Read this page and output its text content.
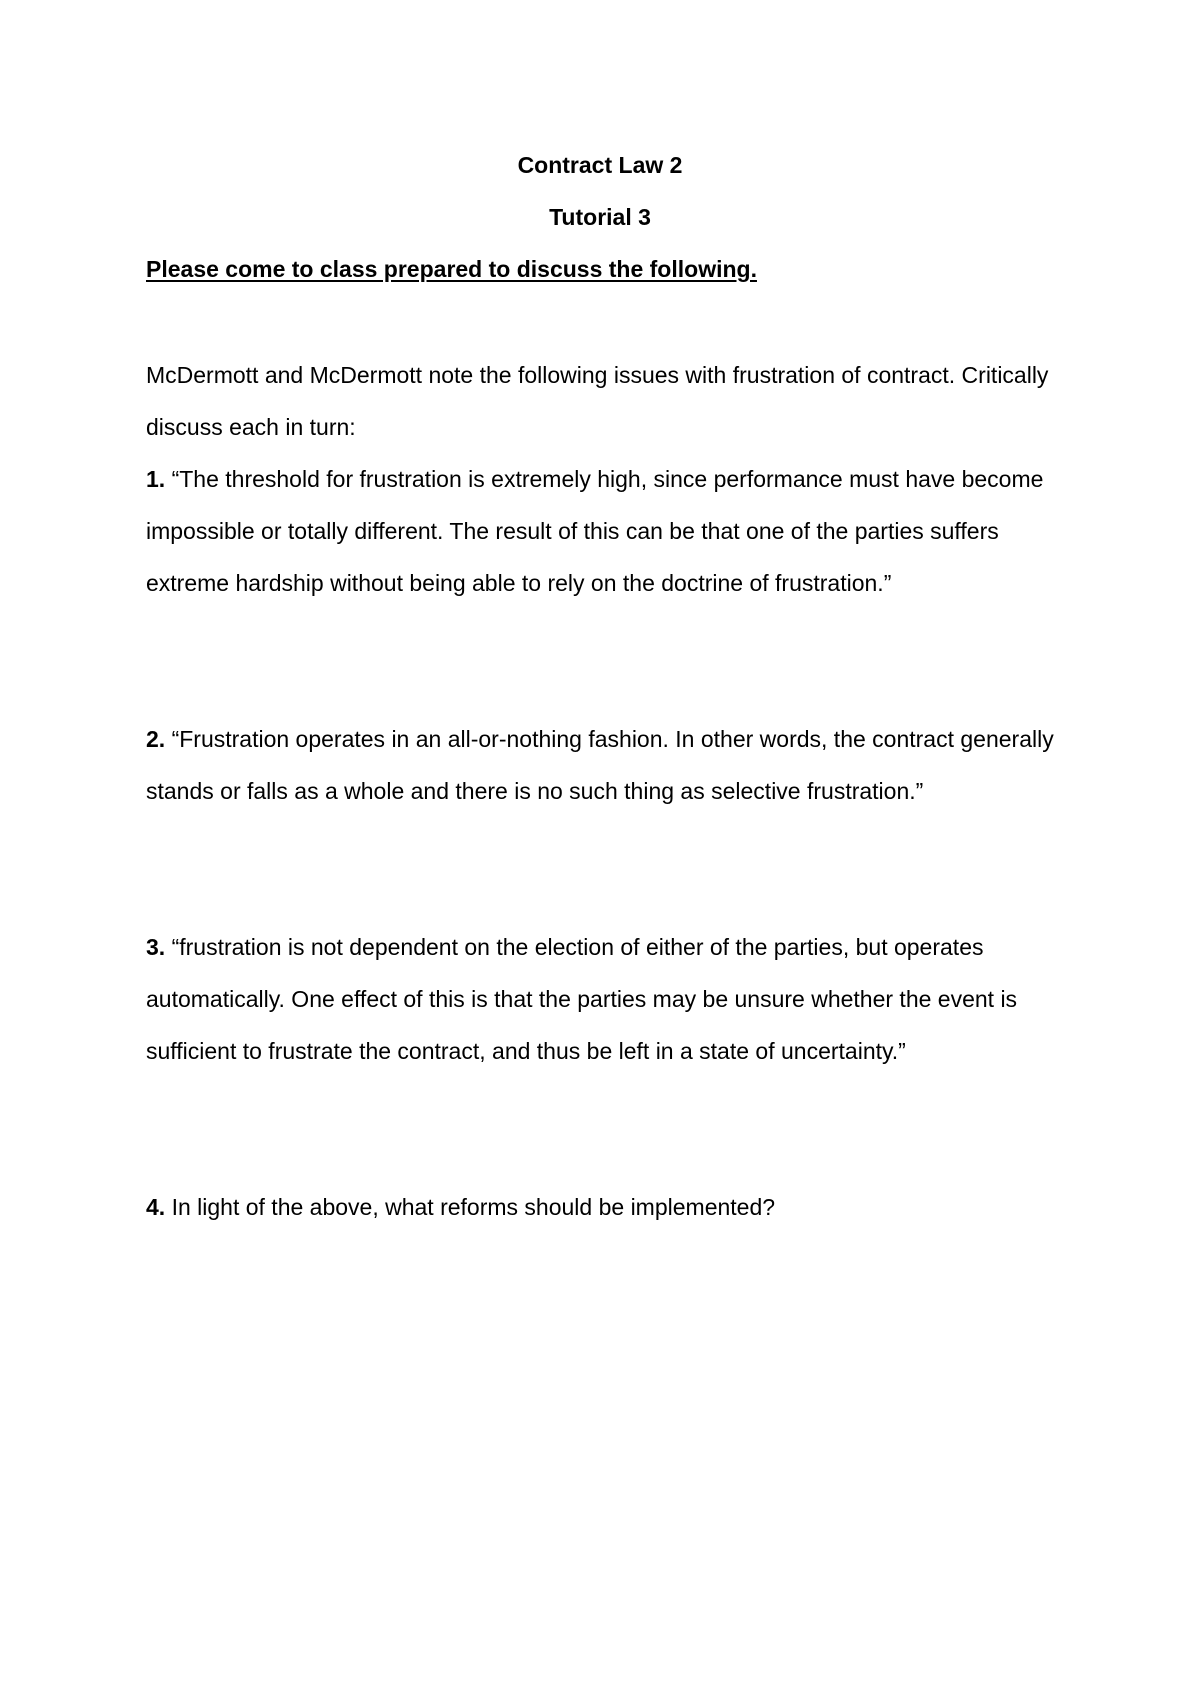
Contract Law 2
Tutorial 3
Please come to class prepared to discuss the following.

McDermott and McDermott note the following issues with frustration of contract. Critically discuss each in turn:

1. “The threshold for frustration is extremely high, since performance must have become impossible or totally different. The result of this can be that one of the parties suffers extreme hardship without being able to rely on the doctrine of frustration.”

2. “Frustration operates in an all-or-nothing fashion. In other words, the contract generally stands or falls as a whole and there is no such thing as selective frustration.”

3. “frustration is not dependent on the election of either of the parties, but operates automatically. One effect of this is that the parties may be unsure whether the event is sufficient to frustrate the contract, and thus be left in a state of uncertainty.”

4. In light of the above, what reforms should be implemented?
